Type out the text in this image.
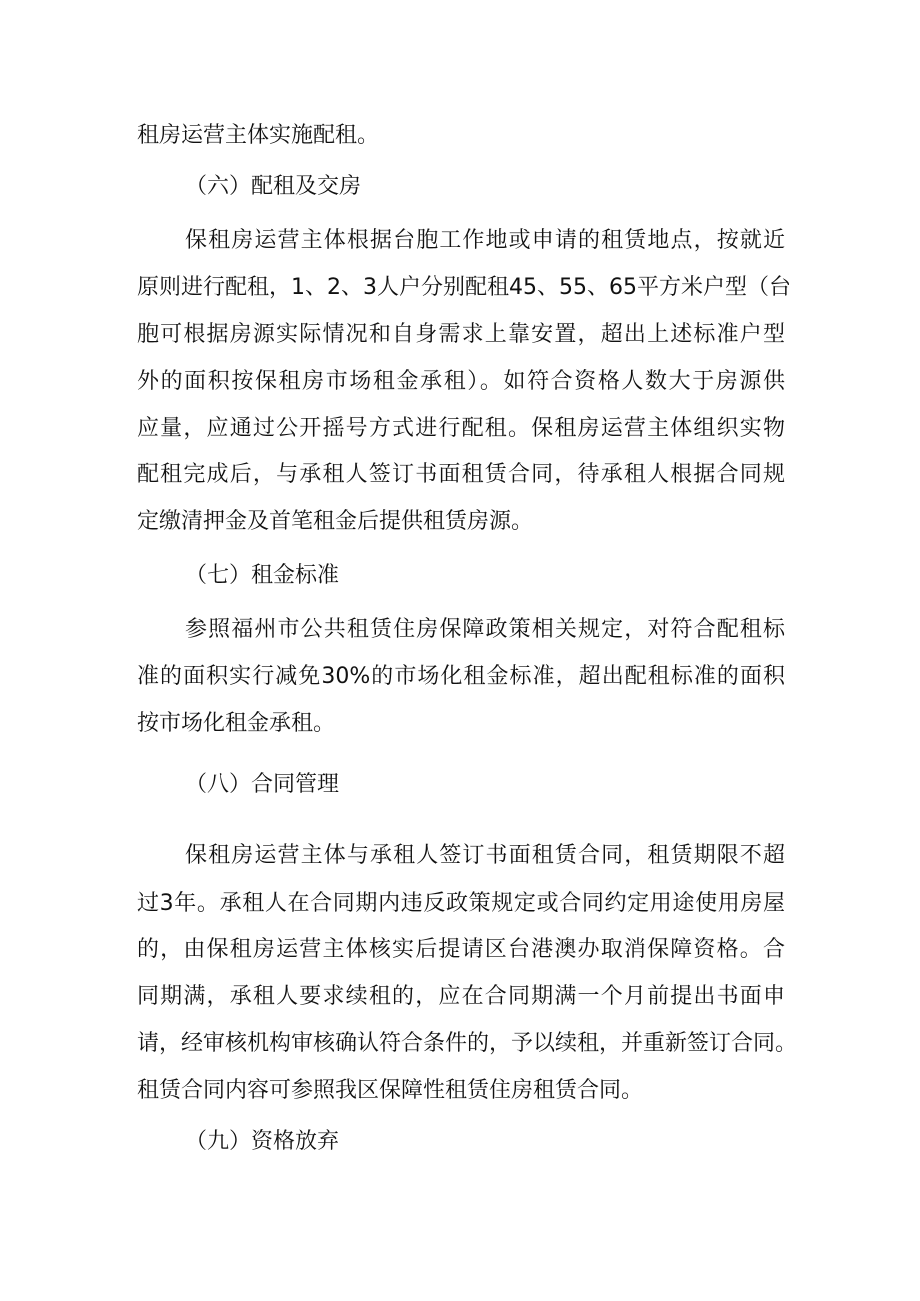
租房运营主体实施配租。

（六）配租及交房

保租房运营主体根据台胞工作地或申请的租赁地点，按就近

原则进行配租，1、2、3人户分别配租45、55、65平方米户型（台

胞可根据房源实际情况和自身需求上靠安置，超出上述标准户型

外的面积按保租房市场租金承租）。如符合资格人数大于房源供

应量，应通过公开摇号方式进行配租。保租房运营主体组织实物

配租完成后，与承租人签订书面租赁合同，待承租人根据合同规

定缴清押金及首笔租金后提供租赁房源。

（七）租金标准

参照福州市公共租赁住房保障政策相关规定，对符合配租标

准的面积实行减免30%的市场化租金标准，超出配租标准的面积

按市场化租金承租。

（八）合同管理

保租房运营主体与承租人签订书面租赁合同，租赁期限不超

过3年。承租人在合同期内违反政策规定或合同约定用途使用房屋

的，由保租房运营主体核实后提请区台港澳办取消保障资格。合

同期满，承租人要求续租的，应在合同期满一个月前提出书面申

请，经审核机构审核确认符合条件的，予以续租，并重新签订合同。

租赁合同内容可参照我区保障性租赁住房租赁合同。

（九）资格放弃
